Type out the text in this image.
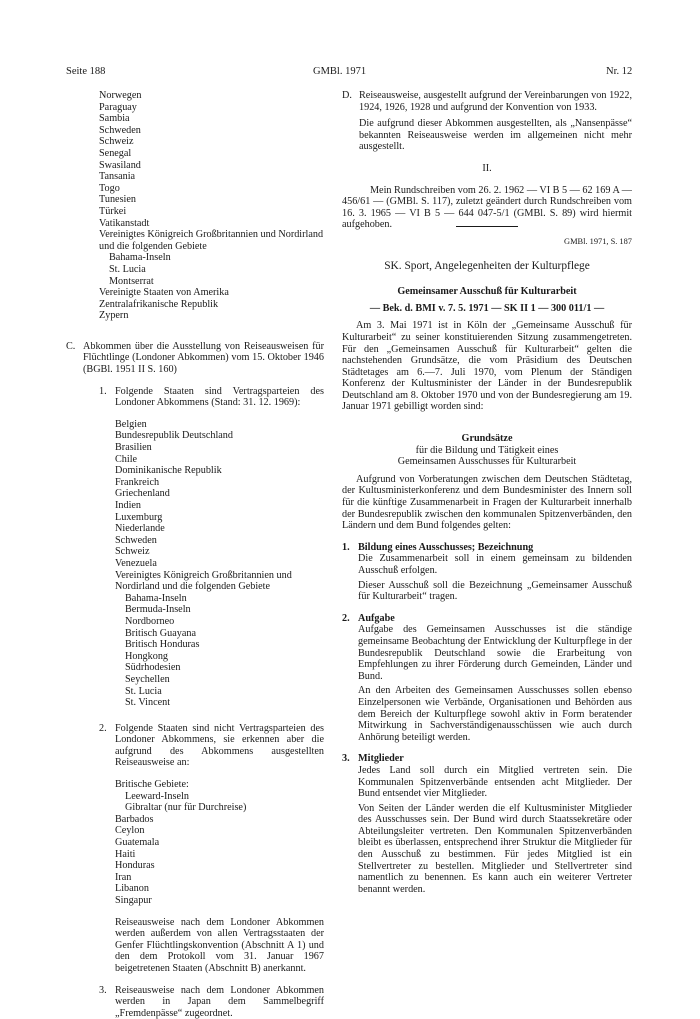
Seite 188	GMBl. 1971	Nr. 12
Norwegen
Paraguay
Sambia
Schweden
Schweiz
Senegal
Swasiland
Tansania
Togo
Tunesien
Türkei
Vatikanstadt
Vereinigtes Königreich Großbritannien und Nordirland und die folgenden Gebiete
Bahama-Inseln
St. Lucia
Montserrat
Vereinigte Staaten von Amerika
Zentralafrikanische Republik
Zypern
C. Abkommen über die Ausstellung von Reiseausweisen für Flüchtlinge (Londoner Abkommen) vom 15. Oktober 1946 (BGBl. 1951 II S. 160)
1. Folgende Staaten sind Vertragsparteien des Londoner Abkommens (Stand: 31. 12. 1969):
Belgien
Bundesrepublik Deutschland
Brasilien
Chile
Dominikanische Republik
Frankreich
Griechenland
Indien
Luxemburg
Niederlande
Schweden
Schweiz
Venezuela
Vereinigtes Königreich Großbritannien und Nordirland und die folgenden Gebiete
Bahama-Inseln
Bermuda-Inseln
Nordborneo
Britisch Guayana
Britisch Honduras
Hongkong
Südrhodesien
Seychellen
St. Lucia
St. Vincent
2. Folgende Staaten sind nicht Vertragsparteien des Londoner Abkommens, sie erkennen aber die aufgrund des Abkommens ausgestellten Reiseausweise an:
Britische Gebiete:
Leeward-Inseln
Gibraltar (nur für Durchreise)
Barbados
Ceylon
Guatemala
Haiti
Honduras
Iran
Libanon
Singapur
Reiseausweise nach dem Londoner Abkommen werden außerdem von allen Vertragsstaaten der Genfer Flüchtlingskonvention (Abschnitt A 1) und den dem Protokoll vom 31. Januar 1967 beigetretenen Staaten (Abschnitt B) anerkannt.
3. Reiseausweise nach dem Londoner Abkommen werden in Japan dem Sammelbegriff „Fremdenpässe“ zugeordnet.
D. Reiseausweise, ausgestellt aufgrund der Vereinbarungen von 1922, 1924, 1926, 1928 und aufgrund der Konvention von 1933.
Die aufgrund dieser Abkommen ausgestellten, als „Nansenpässe“ bekannten Reiseausweise werden im allgemeinen nicht mehr ausgestellt.
II.
Mein Rundschreiben vom 26. 2. 1962 — VI B 5 — 62 169 A — 456/61 — (GMBl. S. 117), zuletzt geändert durch Rundschreiben vom 16. 3. 1965 — VI B 5 — 644 047-5/1 (GMBl. S. 89) wird hiermit aufgehoben.
GMBl. 1971, S. 187
SK. Sport, Angelegenheiten der Kulturpflege
Gemeinsamer Ausschuß für Kulturarbeit
— Bek. d. BMI v. 7. 5. 1971 — SK II 1 — 300 011/1 —
Am 3. Mai 1971 ist in Köln der „Gemeinsame Ausschuß für Kulturarbeit“ zu seiner konstituierenden Sitzung zusammengetreten. Für den „Gemeinsamen Ausschuß für Kulturarbeit“ gelten die nachstehenden Grundsätze, die vom Präsidium des Deutschen Städtetages am 6.—7. Juli 1970, vom Plenum der Ständigen Konferenz der Kultusminister der Länder in der Bundesrepublik Deutschland am 8. Oktober 1970 und von der Bundesregierung am 19. Januar 1971 gebilligt worden sind:
Grundsätze
für die Bildung und Tätigkeit eines
Gemeinsamen Ausschusses für Kulturarbeit
Aufgrund von Vorberatungen zwischen dem Deutschen Städtetag, der Kultusministerkonferenz und dem Bundesminister des Innern soll für die künftige Zusammenarbeit in Fragen der Kulturarbeit innerhalb der Bundesrepublik zwischen den kommunalen Spitzenverbänden, den Ländern und dem Bund folgendes gelten:
1. Bildung eines Ausschusses; Bezeichnung
Die Zusammenarbeit soll in einem gemeinsam zu bildenden Ausschuß erfolgen.
Dieser Ausschuß soll die Bezeichnung „Gemeinsamer Ausschuß für Kulturarbeit“ tragen.
2. Aufgabe
Aufgabe des Gemeinsamen Ausschusses ist die ständige gemeinsame Beobachtung der Entwicklung der Kulturpflege in der Bundesrepublik Deutschland sowie die Erarbeitung von Empfehlungen zu ihrer Förderung durch Gemeinden, Länder und Bund.
An den Arbeiten des Gemeinsamen Ausschusses sollen ebenso Einzelpersonen wie Verbände, Organisationen und Behörden aus dem Bereich der Kulturpflege sowohl aktiv in Form beratender Mitwirkung in Sachverständigenausschüssen wie auch durch Anhörung beteiligt werden.
3. Mitglieder
Jedes Land soll durch ein Mitglied vertreten sein. Die Kommunalen Spitzenverbände entsenden acht Mitglieder. Der Bund entsendet vier Mitglieder.
Von Seiten der Länder werden die elf Kultusminister Mitglieder des Ausschusses sein. Der Bund wird durch Staatssekretäre oder Abteilungsleiter vertreten. Den Kommunalen Spitzenverbänden bleibt es überlassen, entsprechend ihrer Struktur die Mitglieder für den Ausschuß zu bestimmen. Für jedes Mitglied ist ein Stellvertreter zu bestellen. Mitglieder und Stellvertreter sind namentlich zu benennen. Es kann auch ein weiterer Vertreter benannt werden.
